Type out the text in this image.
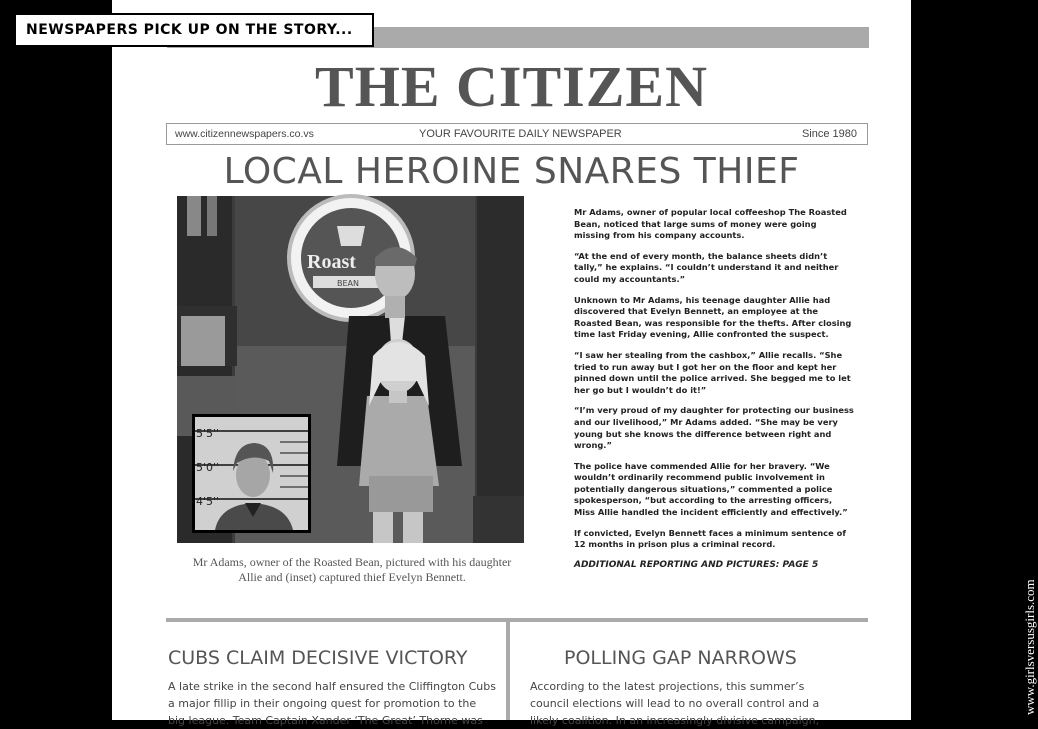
THE CITIZEN
www.citizennewspapers.co.vs	YOUR FAVOURITE DAILY NEWSPAPER	Since 1980
LOCAL HEROINE SNARES THIEF
Roast
BEAN
5'5''
5'0''
4'5''
Mr Adams, owner of the Roasted Bean, pictured with his daughter Allie and (inset) captured thief Evelyn Bennett.

Mr Adams, owner of popular local coffeeshop The Roasted Bean, noticed that large sums of money were going missing from his company accounts.

“At the end of every month, the balance sheets didn’t tally,” he explains. “I couldn’t understand it and neither could my accountants.”

Unknown to Mr Adams, his teenage daughter Allie had discovered that Evelyn Bennett, an employee at the Roasted Bean, was responsible for the thefts. After closing time last Friday evening, Allie confronted the suspect.

“I saw her stealing from the cashbox,” Allie recalls. “She tried to run away but I got her on the floor and kept her pinned down until the police arrived. She begged me to let her go but I wouldn’t do it!”

“I’m very proud of my daughter for protecting our business and our livelihood,” Mr Adams added. “She may be very young but she knows the difference between right and wrong.”

The police have commended Allie for her bravery. “We wouldn’t ordinarily recommend public involvement in potentially dangerous situations,” commented a police spokesperson, “but according to the arresting officers, Miss Allie handled the incident efficiently and effectively.”

If convicted, Evelyn Bennett faces a minimum sentence of 12 months in prison plus a criminal record.

ADDITIONAL REPORTING AND PICTURES: PAGE 5

CUBS CLAIM DECISIVE VICTORY
A late strike in the second half ensured the Cliffington Cubs
a major fillip in their ongoing quest for promotion to the
big league. Team Captain Xander ‘The Great’ Thorne was
POLLING GAP NARROWS
According to the latest projections, this summer’s
council elections will lead to no overall control and a
likely coalition. In an increasingly divisive campaign,
NEWSPAPERS PICK UP ON THE STORY...
www.girlsversusgirls.com
